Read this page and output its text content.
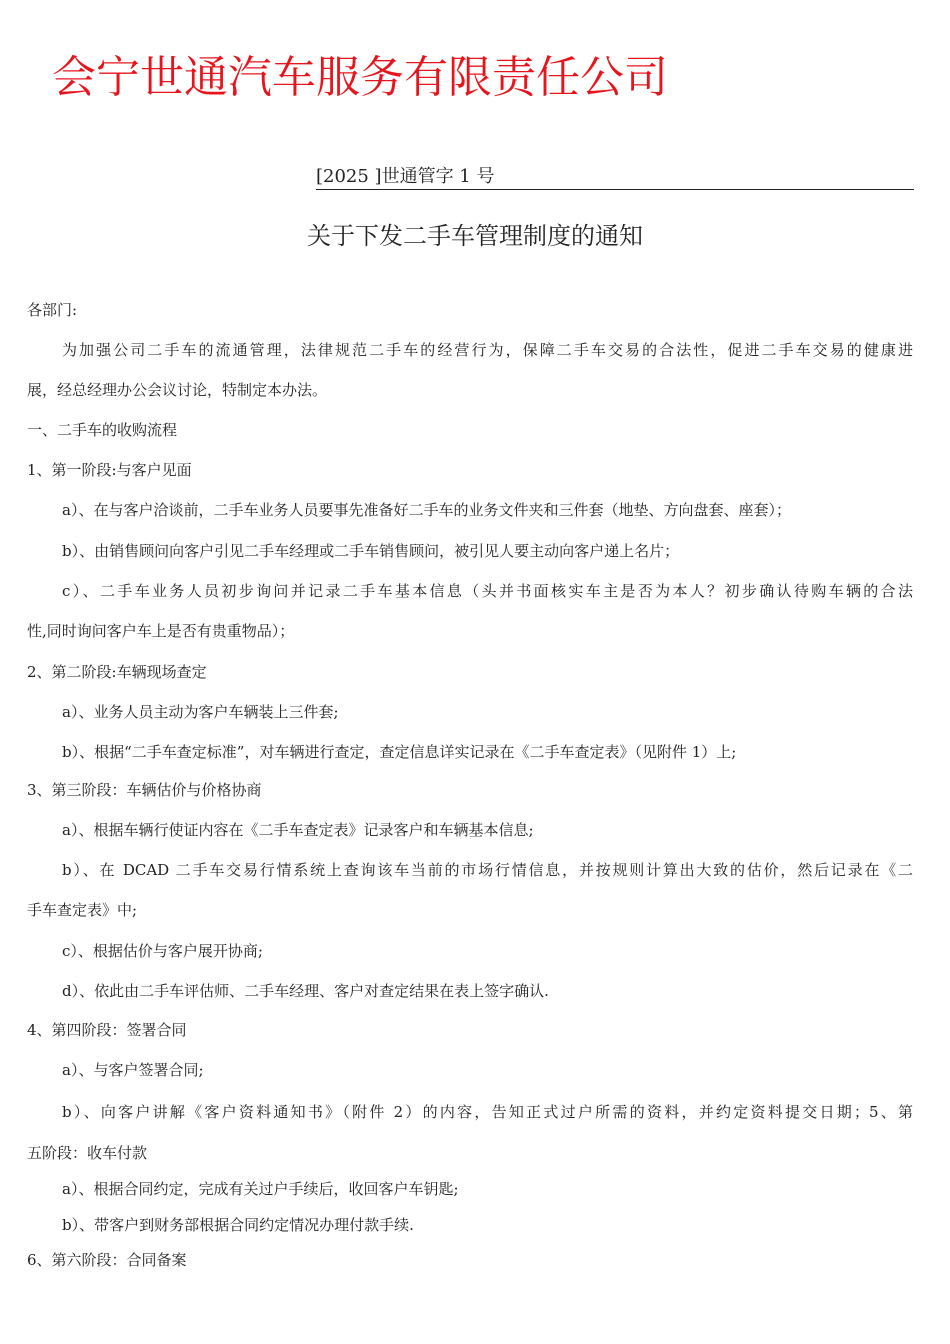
会宁世通汽车服务有限责任公司
[2025 ]世通管字 1 号
关于下发二手车管理制度的通知
各部门:
为加强公司二手车的流通管理，法律规范二手车的经营行为，保障二手车交易的合法性，促进二手车交易的健康进
展，经总经理办公会议讨论，特制定本办法。
一、二手车的收购流程
1、第一阶段:与客户见面
a）、在与客户洽谈前，二手车业务人员要事先准备好二手车的业务文件夹和三件套（地垫、方向盘套、座套）；
b）、由销售顾问向客户引见二手车经理或二手车销售顾问，被引见人要主动向客户递上名片；
c）、二手车业务人员初步询问并记录二手车基本信息（头并书面核实车主是否为本人？初步确认待购车辆的合法
性,同时询问客户车上是否有贵重物品）；
2、第二阶段:车辆现场查定
a）、业务人员主动为客户车辆装上三件套;
b）、根据“二手车查定标准”，对车辆进行查定，查定信息详实记录在《二手车查定表》（见附件 1）上;
3、第三阶段：车辆估价与价格协商
a）、根据车辆行使证内容在《二手车查定表》记录客户和车辆基本信息;
b）、在 DCAD 二手车交易行情系统上查询该车当前的市场行情信息，并按规则计算出大致的估价，然后记录在《二
手车查定表》中;
c）、根据估价与客户展开协商;
d）、依此由二手车评估师、二手车经理、客户对查定结果在表上签字确认.
4、第四阶段：签署合同
a）、与客户签署合同;
b）、向客户讲解《客户资料通知书》（附件 2）的内容，告知正式过户所需的资料，并约定资料提交日期；5、第
五阶段：收车付款
a）、根据合同约定，完成有关过户手续后，收回客户车钥匙;
b）、带客户到财务部根据合同约定情况办理付款手续.
6、第六阶段：合同备案
